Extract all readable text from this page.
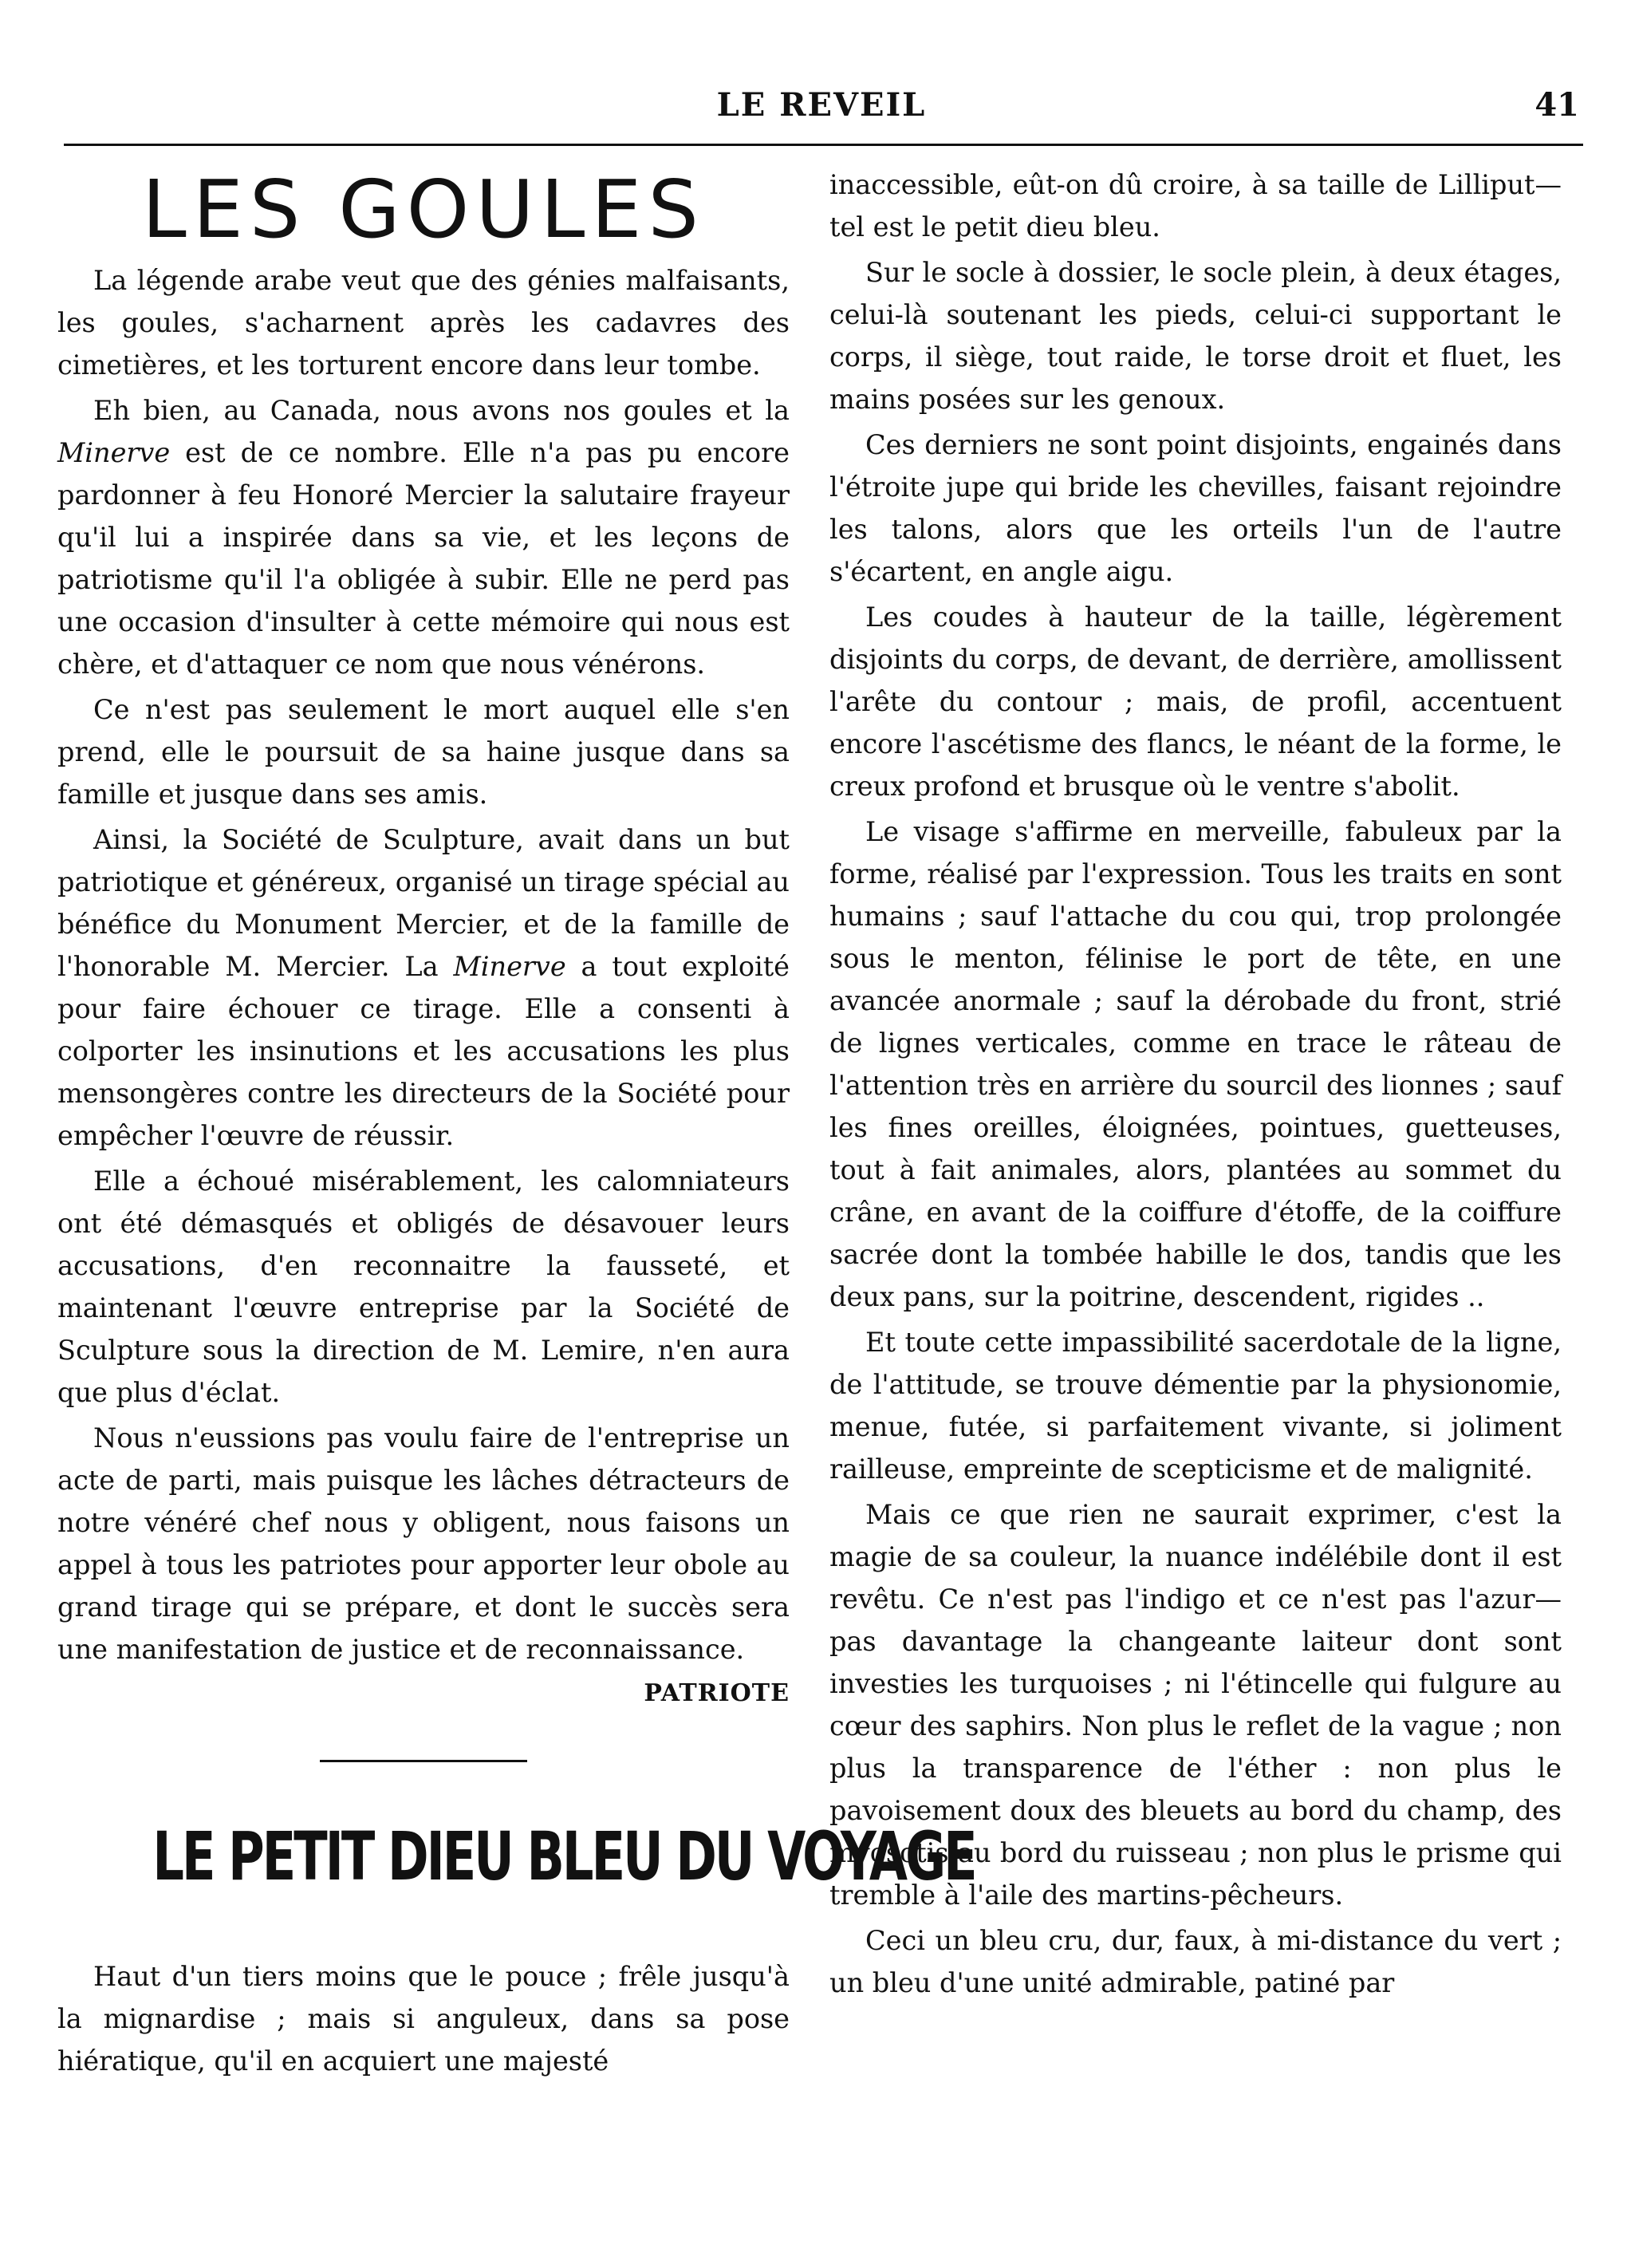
LE REVEIL	41
LES GOULES

La légende arabe veut que des génies malfaisants, les goules, s'acharnent après les cadavres des cimetières, et les torturent encore dans leur tombe.

Eh bien, au Canada, nous avons nos goules et la Minerve est de ce nombre. Elle n'a pas pu encore pardonner à feu Honoré Mercier la salutaire frayeur qu'il lui a inspirée dans sa vie, et les leçons de patriotisme qu'il l'a obligée à subir. Elle ne perd pas une occasion d'insulter à cette mémoire qui nous est chère, et d'attaquer ce nom que nous vénérons.

Ce n'est pas seulement le mort auquel elle s'en prend, elle le poursuit de sa haine jusque dans sa famille et jusque dans ses amis.

Ainsi, la Société de Sculpture, avait dans un but patriotique et généreux, organisé un tirage spécial au bénéfice du Monument Mercier, et de la famille de l'honorable M. Mercier. La Minerve a tout exploité pour faire échouer ce tirage. Elle a consenti à colporter les insinutions et les accusations les plus mensongères contre les directeurs de la Société pour empêcher l'œuvre de réussir.

Elle a échoué misérablement, les calomniateurs ont été démasqués et obligés de désavouer leurs accusations, d'en reconnaitre la fausseté, et maintenant l'œuvre entreprise par la Société de Sculpture sous la direction de M. Lemire, n'en aura que plus d'éclat.

Nous n'eussions pas voulu faire de l'entreprise un acte de parti, mais puisque les lâches détracteurs de notre vénéré chef nous y obligent, nous faisons un appel à tous les patriotes pour apporter leur obole au grand tirage qui se prépare, et dont le succès sera une manifestation de justice et de reconnaissance.

PATRIOTE

LE PETIT DIEU BLEU DU VOYAGE

Haut d'un tiers moins que le pouce ; frêle jusqu'à la mignardise ; mais si anguleux, dans sa pose hiératique, qu'il en acquiert une majesté

inaccessible, eût-on dû croire, à sa taille de Lilliput—tel est le petit dieu bleu.

Sur le socle à dossier, le socle plein, à deux étages, celui-là soutenant les pieds, celui-ci supportant le corps, il siège, tout raide, le torse droit et fluet, les mains posées sur les genoux.

Ces derniers ne sont point disjoints, engainés dans l'étroite jupe qui bride les chevilles, faisant rejoindre les talons, alors que les orteils l'un de l'autre s'écartent, en angle aigu.

Les coudes à hauteur de la taille, légèrement disjoints du corps, de devant, de derrière, amollissent l'arête du contour ; mais, de profil, accentuent encore l'ascétisme des flancs, le néant de la forme, le creux profond et brusque où le ventre s'abolit.

Le visage s'affirme en merveille, fabuleux par la forme, réalisé par l'expression. Tous les traits en sont humains ; sauf l'attache du cou qui, trop prolongée sous le menton, félinise le port de tête, en une avancée anormale ; sauf la dérobade du front, strié de lignes verticales, comme en trace le râteau de l'attention très en arrière du sourcil des lionnes ; sauf les fines oreilles, éloignées, pointues, guetteuses, tout à fait animales, alors, plantées au sommet du crâne, en avant de la coiffure d'étoffe, de la coiffure sacrée dont la tombée habille le dos, tandis que les deux pans, sur la poitrine, descendent, rigides ..

Et toute cette impassibilité sacerdotale de la ligne, de l'attitude, se trouve démentie par la physionomie, menue, futée, si parfaitement vivante, si joliment railleuse, empreinte de scepticisme et de malignité.

Mais ce que rien ne saurait exprimer, c'est la magie de sa couleur, la nuance indélébile dont il est revêtu. Ce n'est pas l'indigo et ce n'est pas l'azur—pas davantage la changeante laiteur dont sont investies les turquoises ; ni l'étincelle qui fulgure au cœur des saphirs. Non plus le reflet de la vague ; non plus la transparence de l'éther : non plus le pavoisement doux des bleuets au bord du champ, des myosotis au bord du ruisseau ; non plus le prisme qui tremble à l'aile des martins-pêcheurs.

Ceci un bleu cru, dur, faux, à mi-distance du vert ; un bleu d'une unité admirable, patiné par
